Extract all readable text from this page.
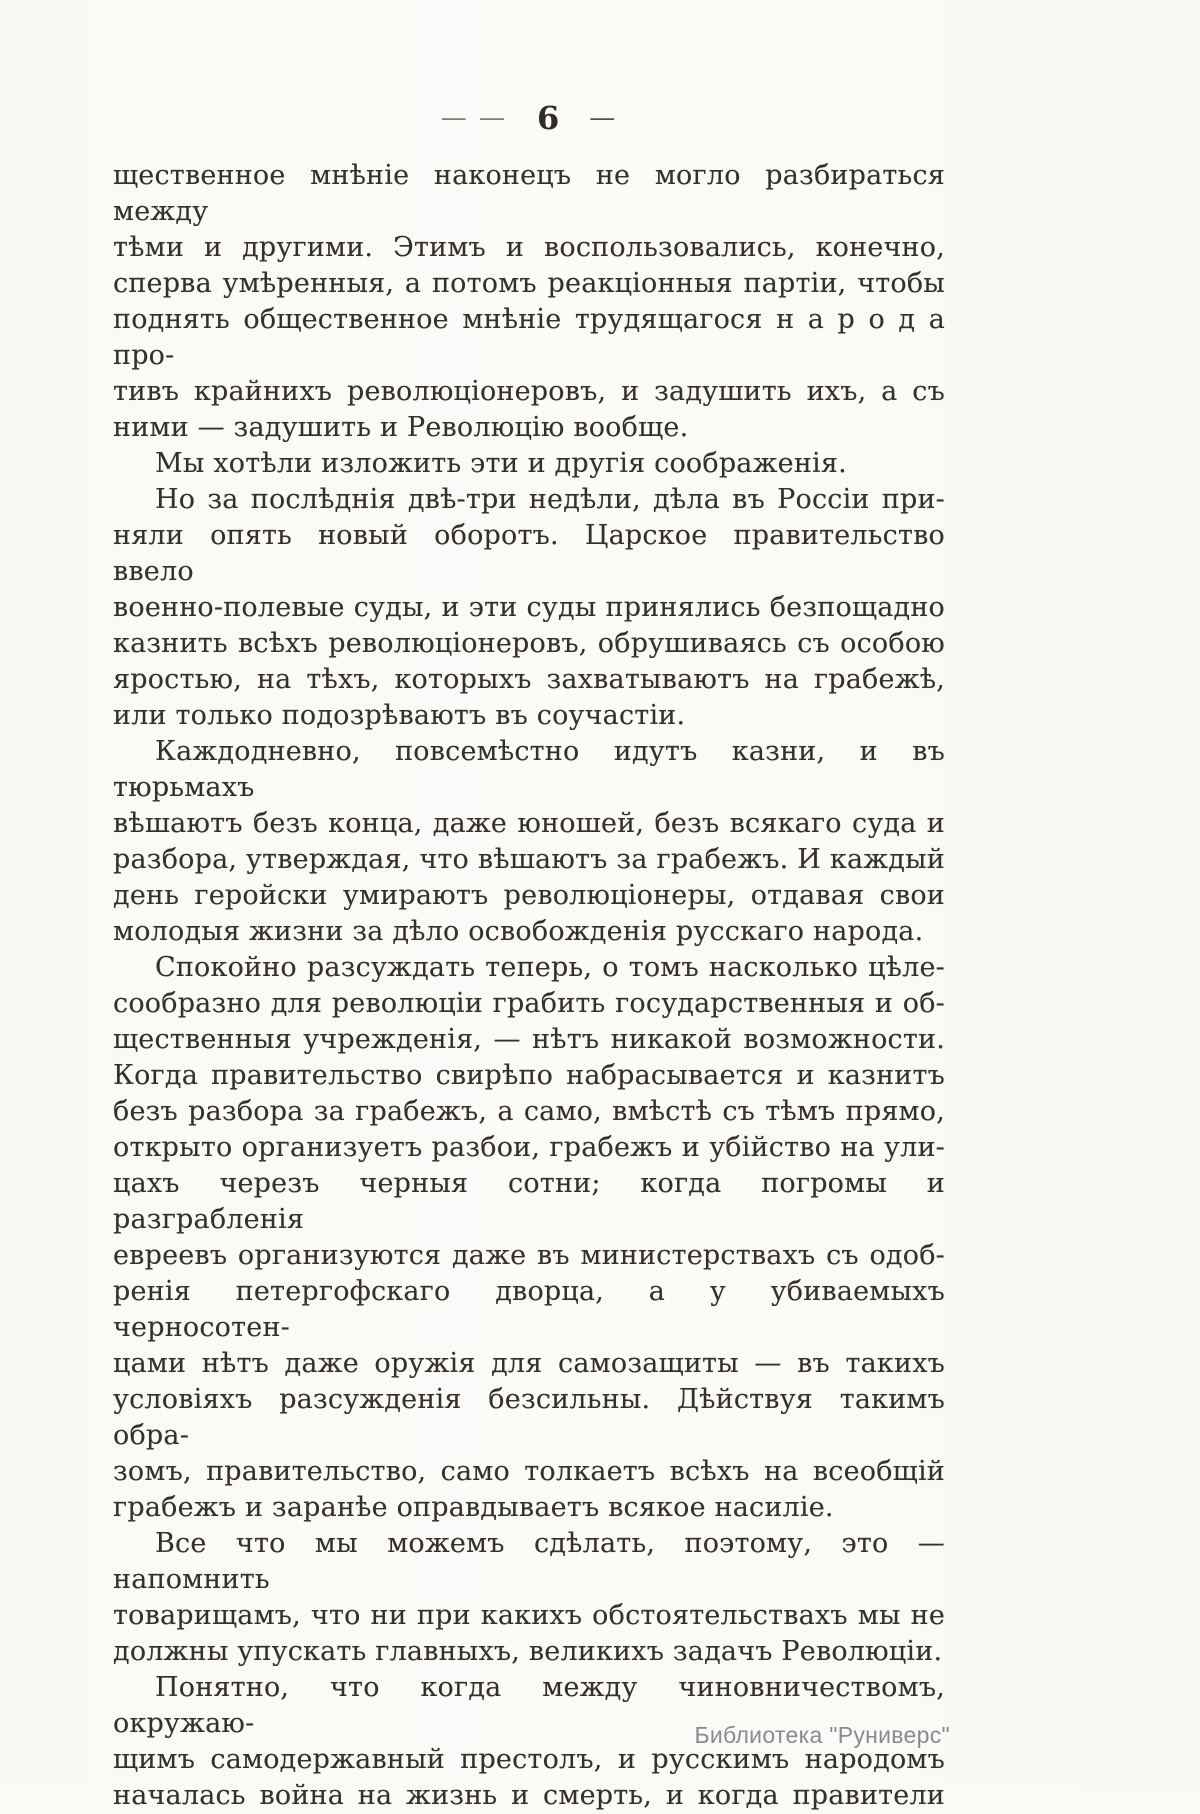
— — 6 —
щественное мнѣніе наконецъ не могло разбираться между
тѣми и другими. Этимъ и воспользовались, конечно,
сперва умѣренныя, а потомъ реакціонныя партіи, чтобы
поднять общественное мнѣніе трудящагося н а р о д а про-
тивъ крайнихъ революціонеровъ, и задушить ихъ, а съ
ними — задушить и Революцію вообще.
Мы хотѣли изложить эти и другія соображенія.
Но за послѣднія двѣ-три недѣли, дѣла въ Россіи при-
няли опять новый оборотъ. Царское правительство ввело
военно-полевые суды, и эти суды принялись безпощадно
казнить всѣхъ революціонеровъ, обрушиваясь съ особою
яростью, на тѣхъ, которыхъ захватываютъ на грабежѣ,
или только подозрѣваютъ въ соучастіи.
Каждодневно, повсемѣстно идутъ казни, и въ тюрьмахъ
вѣшаютъ безъ конца, даже юношей, безъ всякаго суда и
разбора, утверждая, что вѣшаютъ за грабежъ. И каждый
день геройски умираютъ революціонеры, отдавая свои
молодыя жизни за дѣло освобожденія русскаго народа.
Спокойно разсуждать теперь, о томъ насколько цѣле-
сообразно для революціи грабить государственныя и об-
щественныя учрежденія, — нѣтъ никакой возможности.
Когда правительство свирѣпо набрасывается и казнитъ
безъ разбора за грабежъ, а само, вмѣстѣ съ тѣмъ прямо,
открыто организуетъ разбои, грабежъ и убійство на ули-
цахъ черезъ черныя сотни; когда погромы и разграбленія
евреевъ организуются даже въ министерствахъ съ одоб-
ренія петергофскаго дворца, а у убиваемыхъ черносотен-
цами нѣтъ даже оружія для самозащиты — въ такихъ
условіяхъ разсужденія безсильны. Дѣйствуя такимъ обра-
зомъ, правительство, само толкаетъ всѣхъ на всеобщій
грабежъ и заранѣе оправдываетъ всякое насиліе.
Все что мы можемъ сдѣлать, поэтому, это — напомнить
товарищамъ, что ни при какихъ обстоятельствахъ мы не
должны упускать главныхъ, великихъ задачъ Революціи.
Понятно, что когда между чиновничествомъ, окружаю-
щимъ самодержавный престолъ, и русскимъ народомъ
началась война на жизнь и смерть, и когда правители
Библиотека "Руниверс"
